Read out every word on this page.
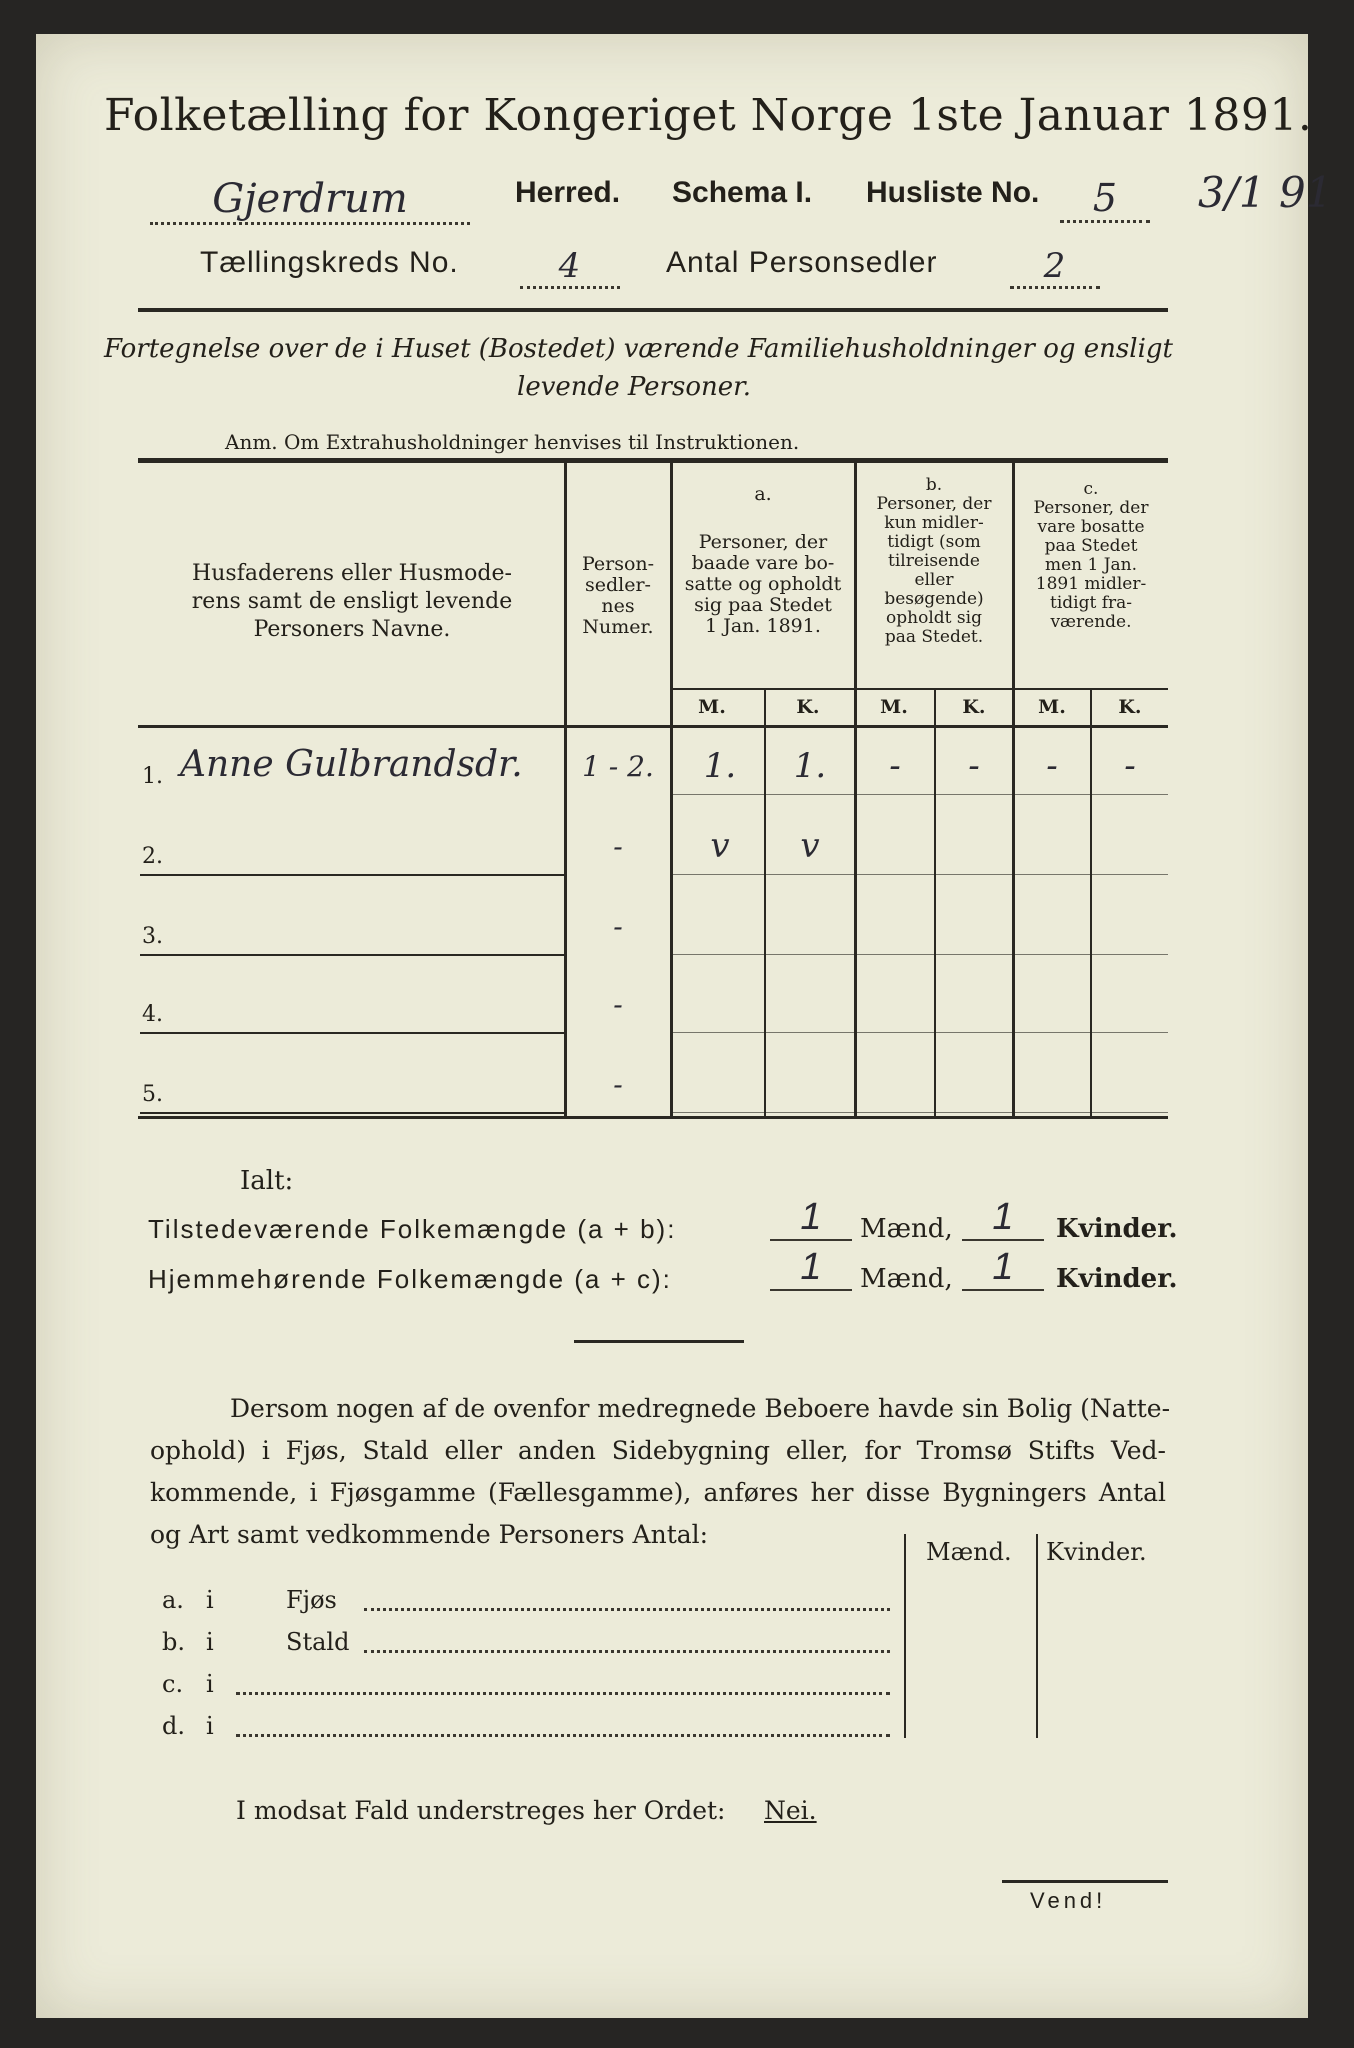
Folketælling for Kongeriget Norge 1ste Januar 1891.
Gjerdrum	Herred. Schema I. Husliste No.	5	3/1 91
Tællingskreds No.	4	Antal Personsedler	2
Fortegnelse over de i Huset (Bostedet) værende Familiehusholdninger og ensligt
levende Personer.
Anm. Om Extrahusholdninger henvises til Instruktionen.
Husfaderens eller Husmode-
rens samt de ensligt levende
Personers Navne.
Person-
sedler-
nes
Numer.
a.
Personer, der
baade vare bo-
satte og opholdt
sig paa Stedet
1 Jan. 1891.
b.
Personer, der
kun midler-
tidigt (som
tilreisende
eller
besøgende)
opholdt sig
paa Stedet.
c.
Personer, der
vare bosatte
paa Stedet
men 1 Jan.
1891 midler-
tidigt fra-
værende.
M.	K.	M.	K.	M.	K.
1. Anne Gulbrandsdr.	1 - 2.	1.	1.	-	-	-	-
2.	-	v	v
3.	-
4.	-
5.	-
Ialt:
Tilstedeværende Folkemængde (a + b):	1	Mænd,	1	Kvinder.
Hjemmehørende Folkemængde (a + c):	1	Mænd,	1	Kvinder.
Dersom nogen af de ovenfor medregnede Beboere havde sin Bolig (Natte-
ophold) i Fjøs, Stald eller anden Sidebygning eller, for Tromsø Stifts Ved-
kommende, i Fjøsgamme (Fællesgamme), anføres her disse Bygningers Antal
og Art samt vedkommende Personers Antal:
Mænd. Kvinder.
a. i	Fjøs
b. i	Stald
c. i
d. i
I modsat Fald understreges her Ordet: Nei.
Vend!
